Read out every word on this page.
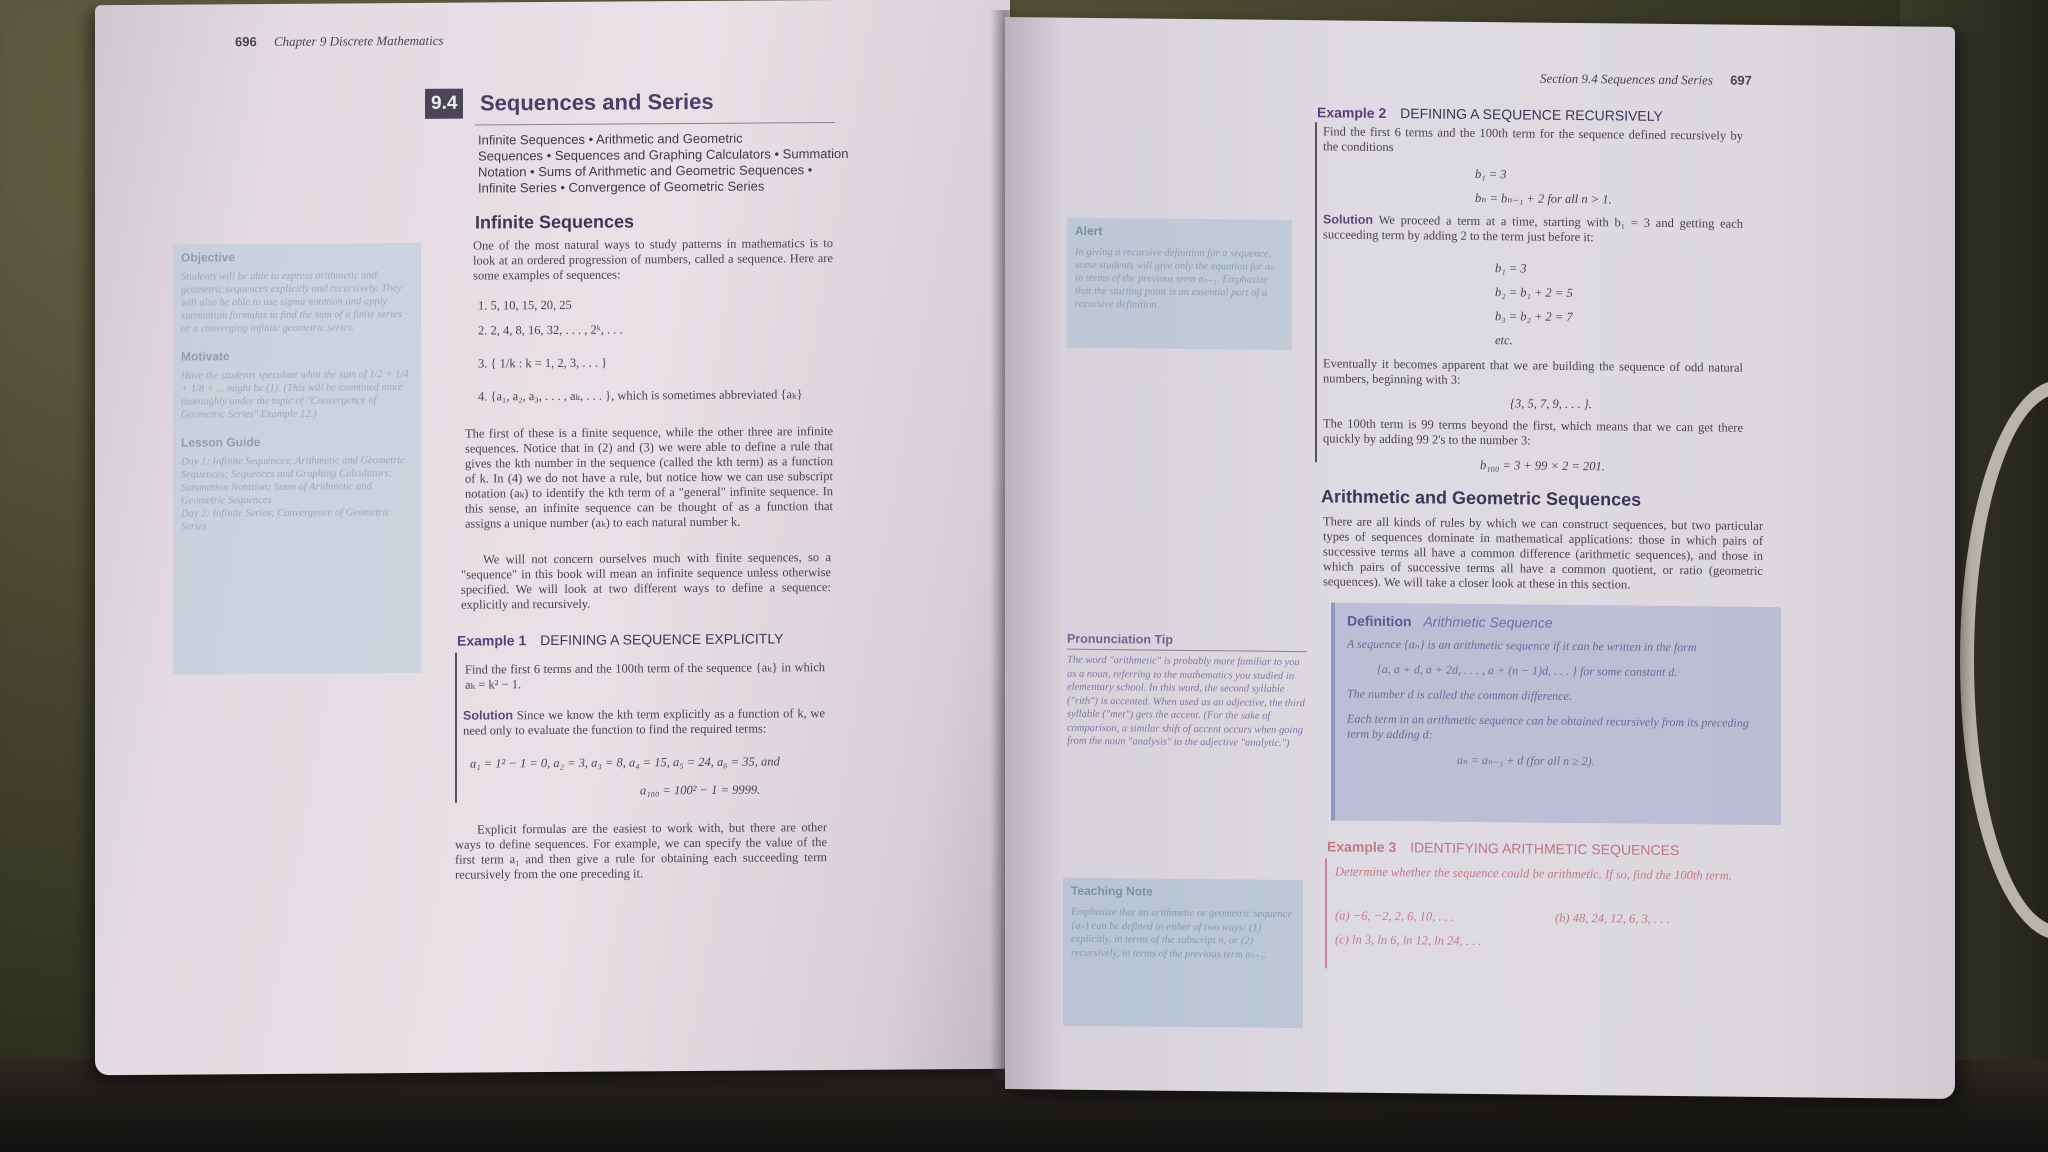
696 Chapter 9 Discrete Mathematics
9.4 Sequences and Series
Infinite Sequences • Arithmetic and Geometric
Sequences • Sequences and Graphing Calculators • Summation
Notation • Sums of Arithmetic and Geometric Sequences •
Infinite Series • Convergence of Geometric Series
Infinite Sequences
One of the most natural ways to study patterns in mathematics is to look at an ordered progression of numbers, called a sequence. Here are some examples of sequences:
1. 5, 10, 15, 20, 25
2. 2, 4, 8, 16, 32, . . . , 2ᵏ, . . .
3. { 1/k : k = 1, 2, 3, . . . }
4. {a₁, a₂, a₃, . . . , aₖ, . . . }, which is sometimes abbreviated {aₖ}
The first of these is a finite sequence, while the other three are infinite sequences. Notice that in (2) and (3) we were able to define a rule that gives the kth number in the sequence (called the kth term) as a function of k. In (4) we do not have a rule, but notice how we can use subscript notation (aₖ) to identify the kth term of a "general" infinite sequence. In this sense, an infinite sequence can be thought of as a function that assigns a unique number (aₖ) to each natural number k.
We will not concern ourselves much with finite sequences, so a "sequence" in this book will mean an infinite sequence unless otherwise specified. We will look at two different ways to define a sequence: explicitly and recursively.
Example 1 DEFINING A SEQUENCE EXPLICITLY
Find the first 6 terms and the 100th term of the sequence {aₖ} in which aₖ = k² − 1.
Solution Since we know the kth term explicitly as a function of k, we need only to evaluate the function to find the required terms:
a₁ = 1² − 1 = 0, a₂ = 3, a₃ = 8, a₄ = 15, a₅ = 24, a₆ = 35, and
a₁₀₀ = 100² − 1 = 9999.
Explicit formulas are the easiest to work with, but there are other ways to define sequences. For example, we can specify the value of the first term a₁ and then give a rule for obtaining each succeeding term recursively from the one preceding it.
Objective
Students will be able to express arithmetic and geometric sequences explicitly and recursively. They will also be able to use sigma notation and apply summation formulas to find the sum of a finite series or a converging infinite geometric series.
Motivate
Have the students speculate what the sum of 1/2 + 1/4 + 1/8 + ... might be (1). (This will be examined more thoroughly under the topic of "Convergence of Geometric Series" Example 12.)
Lesson Guide
Day 1: Infinite Sequences; Arithmetic and Geometric Sequences; Sequences and Graphing Calculators; Summation Notation; Sums of Arithmetic and Geometric Sequences
Day 2: Infinite Series; Convergence of Geometric Series
Section 9.4 Sequences and Series 697
Example 2 DEFINING A SEQUENCE RECURSIVELY
Find the first 6 terms and the 100th term for the sequence defined recursively by the conditions
b₁ = 3
bₙ = bₙ₋₁ + 2 for all n > 1.
Solution We proceed a term at a time, starting with b₁ = 3 and getting each succeeding term by adding 2 to the term just before it:
b₁ = 3
b₂ = b₁ + 2 = 5
b₃ = b₂ + 2 = 7
etc.
Eventually it becomes apparent that we are building the sequence of odd natural numbers, beginning with 3:
{3, 5, 7, 9, . . . }.
The 100th term is 99 terms beyond the first, which means that we can get there quickly by adding 99 2's to the number 3:
b₁₀₀ = 3 + 99 × 2 = 201.
Arithmetic and Geometric Sequences
There are all kinds of rules by which we can construct sequences, but two particular types of sequences dominate in mathematical applications: those in which pairs of successive terms all have a common difference (arithmetic sequences), and those in which pairs of successive terms all have a common quotient, or ratio (geometric sequences). We will take a closer look at these in this section.
Definition Arithmetic Sequence
A sequence {aₙ} is an arithmetic sequence if it can be written in the form
{a, a + d, a + 2d, . . . , a + (n − 1)d, . . . } for some constant d.
The number d is called the common difference.
Each term in an arithmetic sequence can be obtained recursively from its preceding term by adding d:
aₙ = aₙ₋₁ + d (for all n ≥ 2).
Example 3 IDENTIFYING ARITHMETIC SEQUENCES
Determine whether the sequence could be arithmetic. If so, find the 100th term.
(a) −6, −2, 2, 6, 10, . . .	(b) 48, 24, 12, 6, 3, . . .
(c) ln 3, ln 6, ln 12, ln 24, . . .
Alert
In giving a recursive definition for a sequence, some students will give only the equation for aₙ in terms of the previous term aₙ₋₁. Emphasize that the starting point is an essential part of a recursive definition.
Pronunciation Tip
The word "arithmetic" is probably more familiar to you as a noun, referring to the mathematics you studied in elementary school. In this word, the second syllable ("rith") is accented. When used as an adjective, the third syllable ("met") gets the accent. (For the sake of comparison, a similar shift of accent occurs when going from the noun "analysis" to the adjective "analytic.")
Teaching Note
Emphasize that an arithmetic or geometric sequence {aₙ} can be defined in either of two ways: (1) explicitly, in terms of the subscript n, or (2) recursively, in terms of the previous term aₙ₋₁.
